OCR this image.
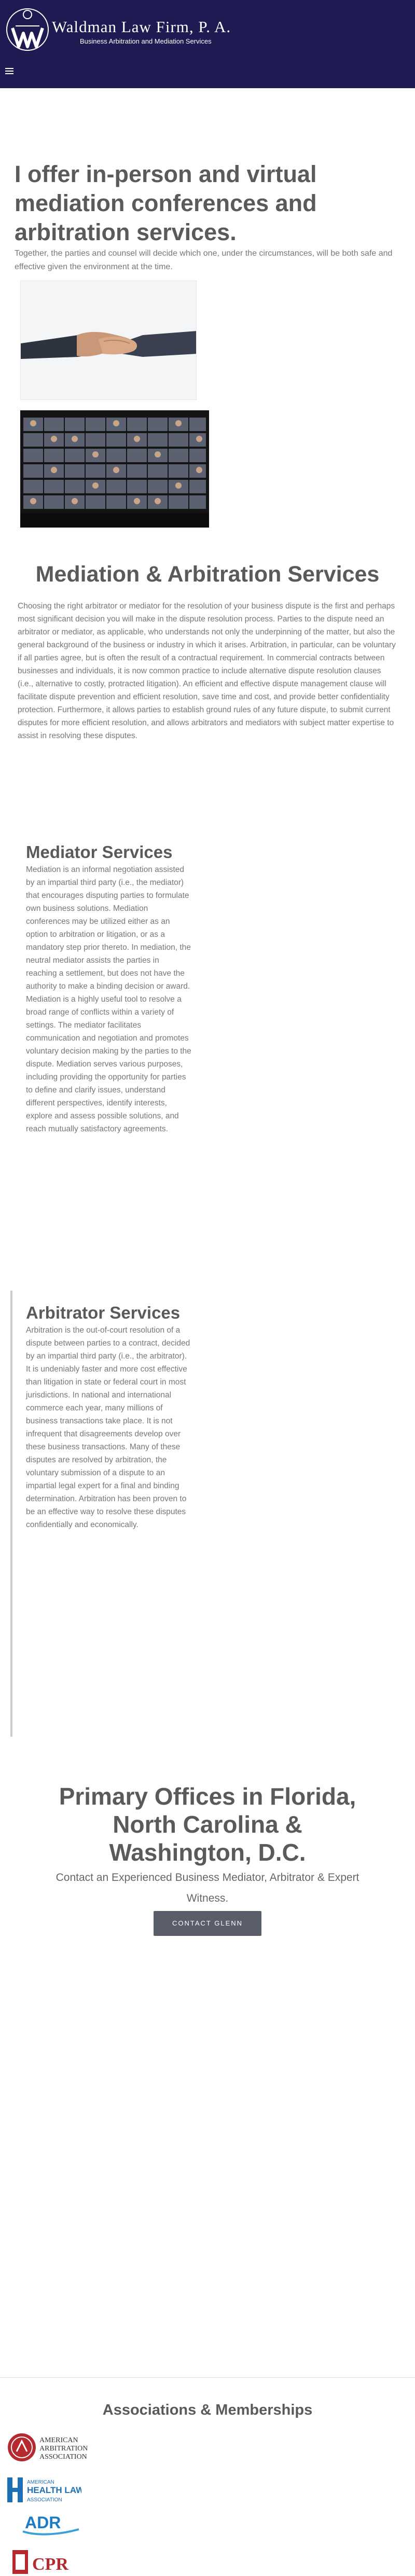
Waldman Law Firm, P. A.
Business Arbitration and Mediation Services
I offer in-person and virtual mediation conferences and arbitration services.

Together, the parties and counsel will decide which one, under the circumstances, will be both safe and effective given the environment at the time.

Mediation & Arbitration Services

Choosing the right arbitrator or mediator for the resolution of your business dispute is the first and perhaps most significant decision you will make in the dispute resolution process. Parties to the dispute need an arbitrator or mediator, as applicable, who understands not only the underpinning of the matter, but also the general background of the business or industry in which it arises. Arbitration, in particular, can be voluntary if all parties agree, but is often the result of a contractual requirement. In commercial contracts between businesses and individuals, it is now common practice to include alternative dispute resolution clauses (i.e., alternative to costly, protracted litigation). An efficient and effective dispute management clause will facilitate dispute prevention and efficient resolution, save time and cost, and provide better confidentiality protection. Furthermore, it allows parties to establish ground rules of any future dispute, to submit current disputes for more efficient resolution, and allows arbitrators and mediators with subject matter expertise to assist in resolving these disputes.

Mediator Services

Mediation is an informal negotiation assisted by an impartial third party (i.e., the mediator) that encourages disputing parties to formulate own business solutions. Mediation conferences may be utilized either as an option to arbitration or litigation, or as a mandatory step prior thereto. In mediation, the neutral mediator assists the parties in reaching a settlement, but does not have the authority to make a binding decision or award. Mediation is a highly useful tool to resolve a broad range of conflicts within a variety of settings. The mediator facilitates communication and negotiation and promotes voluntary decision making by the parties to the dispute. Mediation serves various purposes, including providing the opportunity for parties to define and clarify issues, understand different perspectives, identify interests, explore and assess possible solutions, and reach mutually satisfactory agreements.

Arbitrator Services

Arbitration is the out-of-court resolution of a dispute between parties to a contract, decided by an impartial third party (i.e., the arbitrator). It is undeniably faster and more cost effective than litigation in state or federal court in most jurisdictions. In national and international commerce each year, many millions of business transactions take place. It is not infrequent that disagreements develop over these business transactions. Many of these disputes are resolved by arbitration, the voluntary submission of a dispute to an impartial legal expert for a final and binding determination. Arbitration has been proven to be an effective way to resolve these disputes confidentially and economically.

Primary Offices in Florida, North Carolina & Washington, D.C.

Contact an Experienced Business Mediator, Arbitrator & Expert Witness.

CONTACT GLENN
Associations & Memberships
AMERICAN
ARBITRATION
ASSOCIATION
AMERICAN
HEALTH LAW
ASSOCIATION
ADR
CPR
